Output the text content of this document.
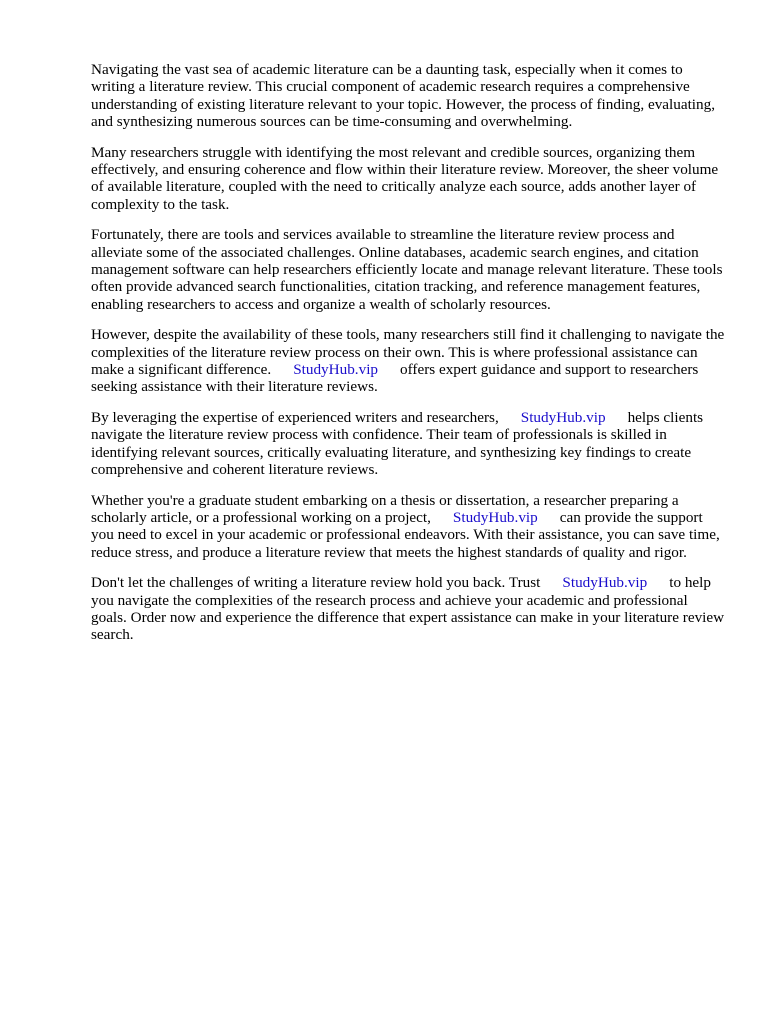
Navigating the vast sea of academic literature can be a daunting task, especially when it comes to writing a literature review. This crucial component of academic research requires a comprehensive understanding of existing literature relevant to your topic. However, the process of finding, evaluating, and synthesizing numerous sources can be time-consuming and overwhelming.

Many researchers struggle with identifying the most relevant and credible sources, organizing them effectively, and ensuring coherence and flow within their literature review. Moreover, the sheer volume of available literature, coupled with the need to critically analyze each source, adds another layer of complexity to the task.

Fortunately, there are tools and services available to streamline the literature review process and alleviate some of the associated challenges. Online databases, academic search engines, and citation management software can help researchers efficiently locate and manage relevant literature. These tools often provide advanced search functionalities, citation tracking, and reference management features, enabling researchers to access and organize a wealth of scholarly resources.

However, despite the availability of these tools, many researchers still find it challenging to navigate the complexities of the literature review process on their own. This is where professional assistance can make a significant difference. StudyHub.vip offers expert guidance and support to researchers seeking assistance with their literature reviews.

By leveraging the expertise of experienced writers and researchers, StudyHub.vip helps clients navigate the literature review process with confidence. Their team of professionals is skilled in identifying relevant sources, critically evaluating literature, and synthesizing key findings to create comprehensive and coherent literature reviews.

Whether you're a graduate student embarking on a thesis or dissertation, a researcher preparing a scholarly article, or a professional working on a project, StudyHub.vip can provide the support you need to excel in your academic or professional endeavors. With their assistance, you can save time, reduce stress, and produce a literature review that meets the highest standards of quality and rigor.

Don't let the challenges of writing a literature review hold you back. Trust StudyHub.vip to help you navigate the complexities of the research process and achieve your academic and professional goals. Order now and experience the difference that expert assistance can make in your literature review search.
